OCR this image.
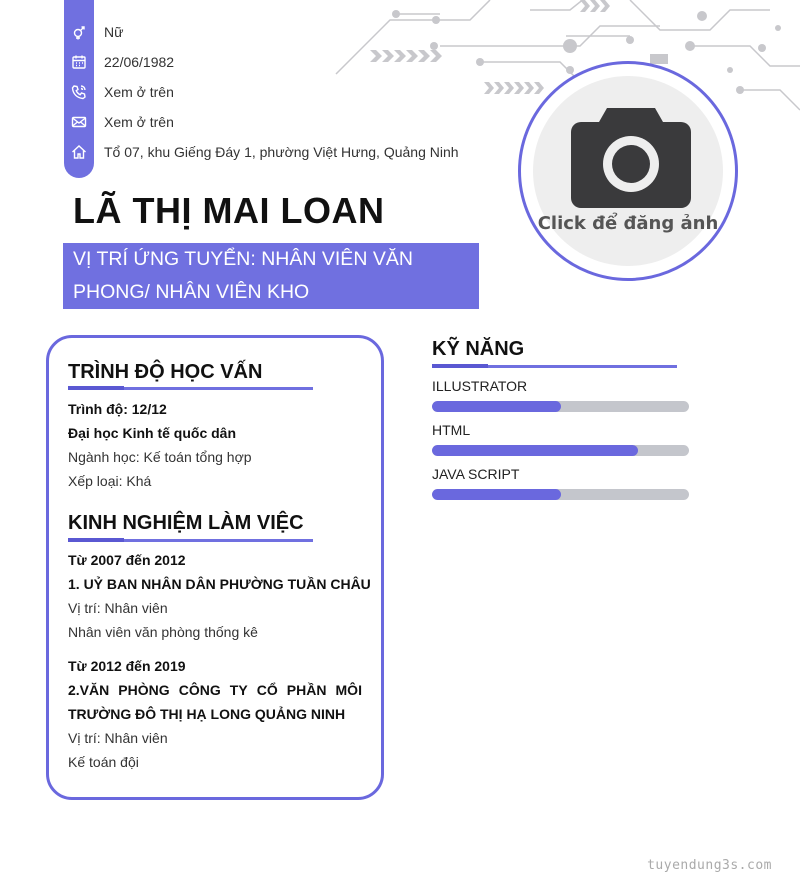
Nữ
22/06/1982
Xem ở trên
Xem ở trên
Tổ 07, khu Giếng Đáy 1, phường Việt Hưng, Quảng Ninh
LÃ THỊ MAI LOAN
VỊ TRÍ ỨNG TUYỂN: NHÂN VIÊN VĂN
PHONG/ NHÂN VIÊN KHO
Click để đăng ảnh
TRÌNH ĐỘ HỌC VẤN
Trình độ: 12/12
Đại học Kinh tế quốc dân
Ngành học: Kế toán tổng hợp
Xếp loại: Khá
KINH NGHIỆM LÀM VIỆC
Từ 2007 đến 2012
1. UỶ BAN NHÂN DÂN PHƯỜNG TUẦN CHÂU
Vị trí: Nhân viên
Nhân viên văn phòng thống kê
Từ 2012 đến 2019
2.VĂN PHÒNG CÔNG TY CỔ PHẦN MÔI
TRƯỜNG ĐÔ THỊ HẠ LONG QUẢNG NINH
Vị trí: Nhân viên
Kế toán đội
KỸ NĂNG
ILLUSTRATOR
HTML
JAVA SCRIPT
tuyendung3s.com
